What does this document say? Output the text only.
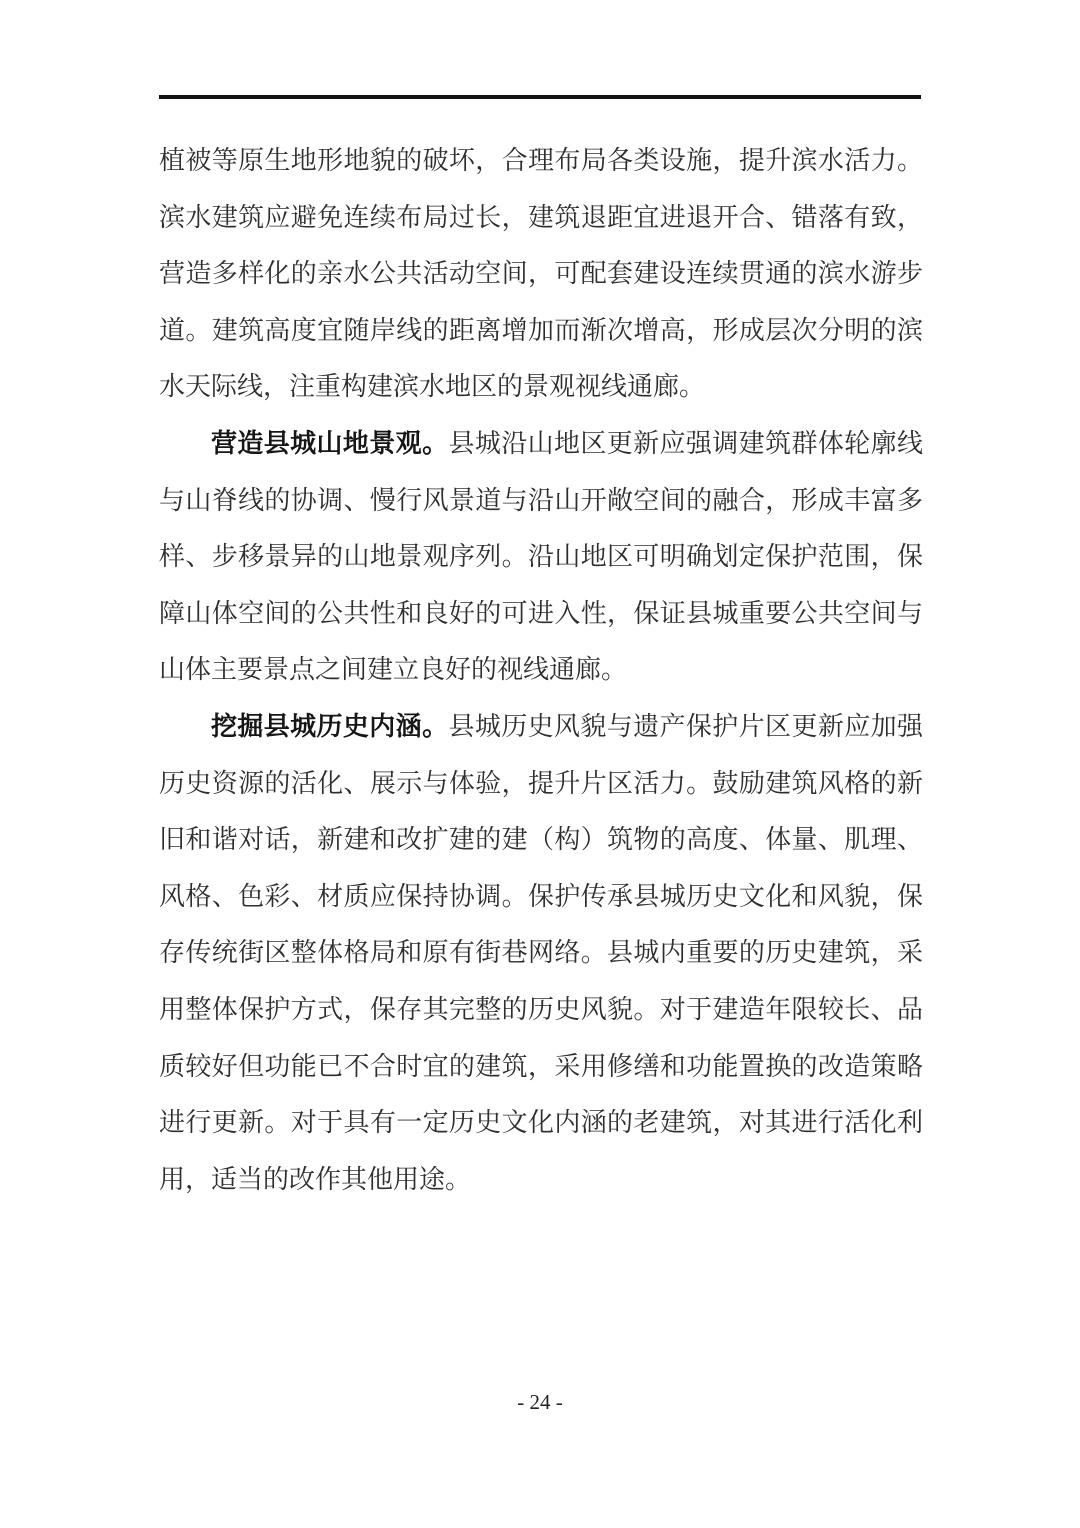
植被等原生地形地貌的破坏，合理布局各类设施，提升滨水活力。滨水建筑应避免连续布局过长，建筑退距宜进退开合、错落有致，营造多样化的亲水公共活动空间，可配套建设连续贯通的滨水游步道。建筑高度宜随岸线的距离增加而渐次增高，形成层次分明的滨水天际线，注重构建滨水地区的景观视线通廊。

营造县城山地景观。县城沿山地区更新应强调建筑群体轮廓线与山脊线的协调、慢行风景道与沿山开敞空间的融合，形成丰富多样、步移景异的山地景观序列。沿山地区可明确划定保护范围，保障山体空间的公共性和良好的可进入性，保证县城重要公共空间与山体主要景点之间建立良好的视线通廊。

挖掘县城历史内涵。县城历史风貌与遗产保护片区更新应加强历史资源的活化、展示与体验，提升片区活力。鼓励建筑风格的新旧和谐对话，新建和改扩建的建（构）筑物的高度、体量、肌理、风格、色彩、材质应保持协调。保护传承县城历史文化和风貌，保存传统街区整体格局和原有街巷网络。县城内重要的历史建筑，采用整体保护方式，保存其完整的历史风貌。对于建造年限较长、品质较好但功能已不合时宜的建筑，采用修缮和功能置换的改造策略进行更新。对于具有一定历史文化内涵的老建筑，对其进行活化利用，适当的改作其他用途。

- 24 -
